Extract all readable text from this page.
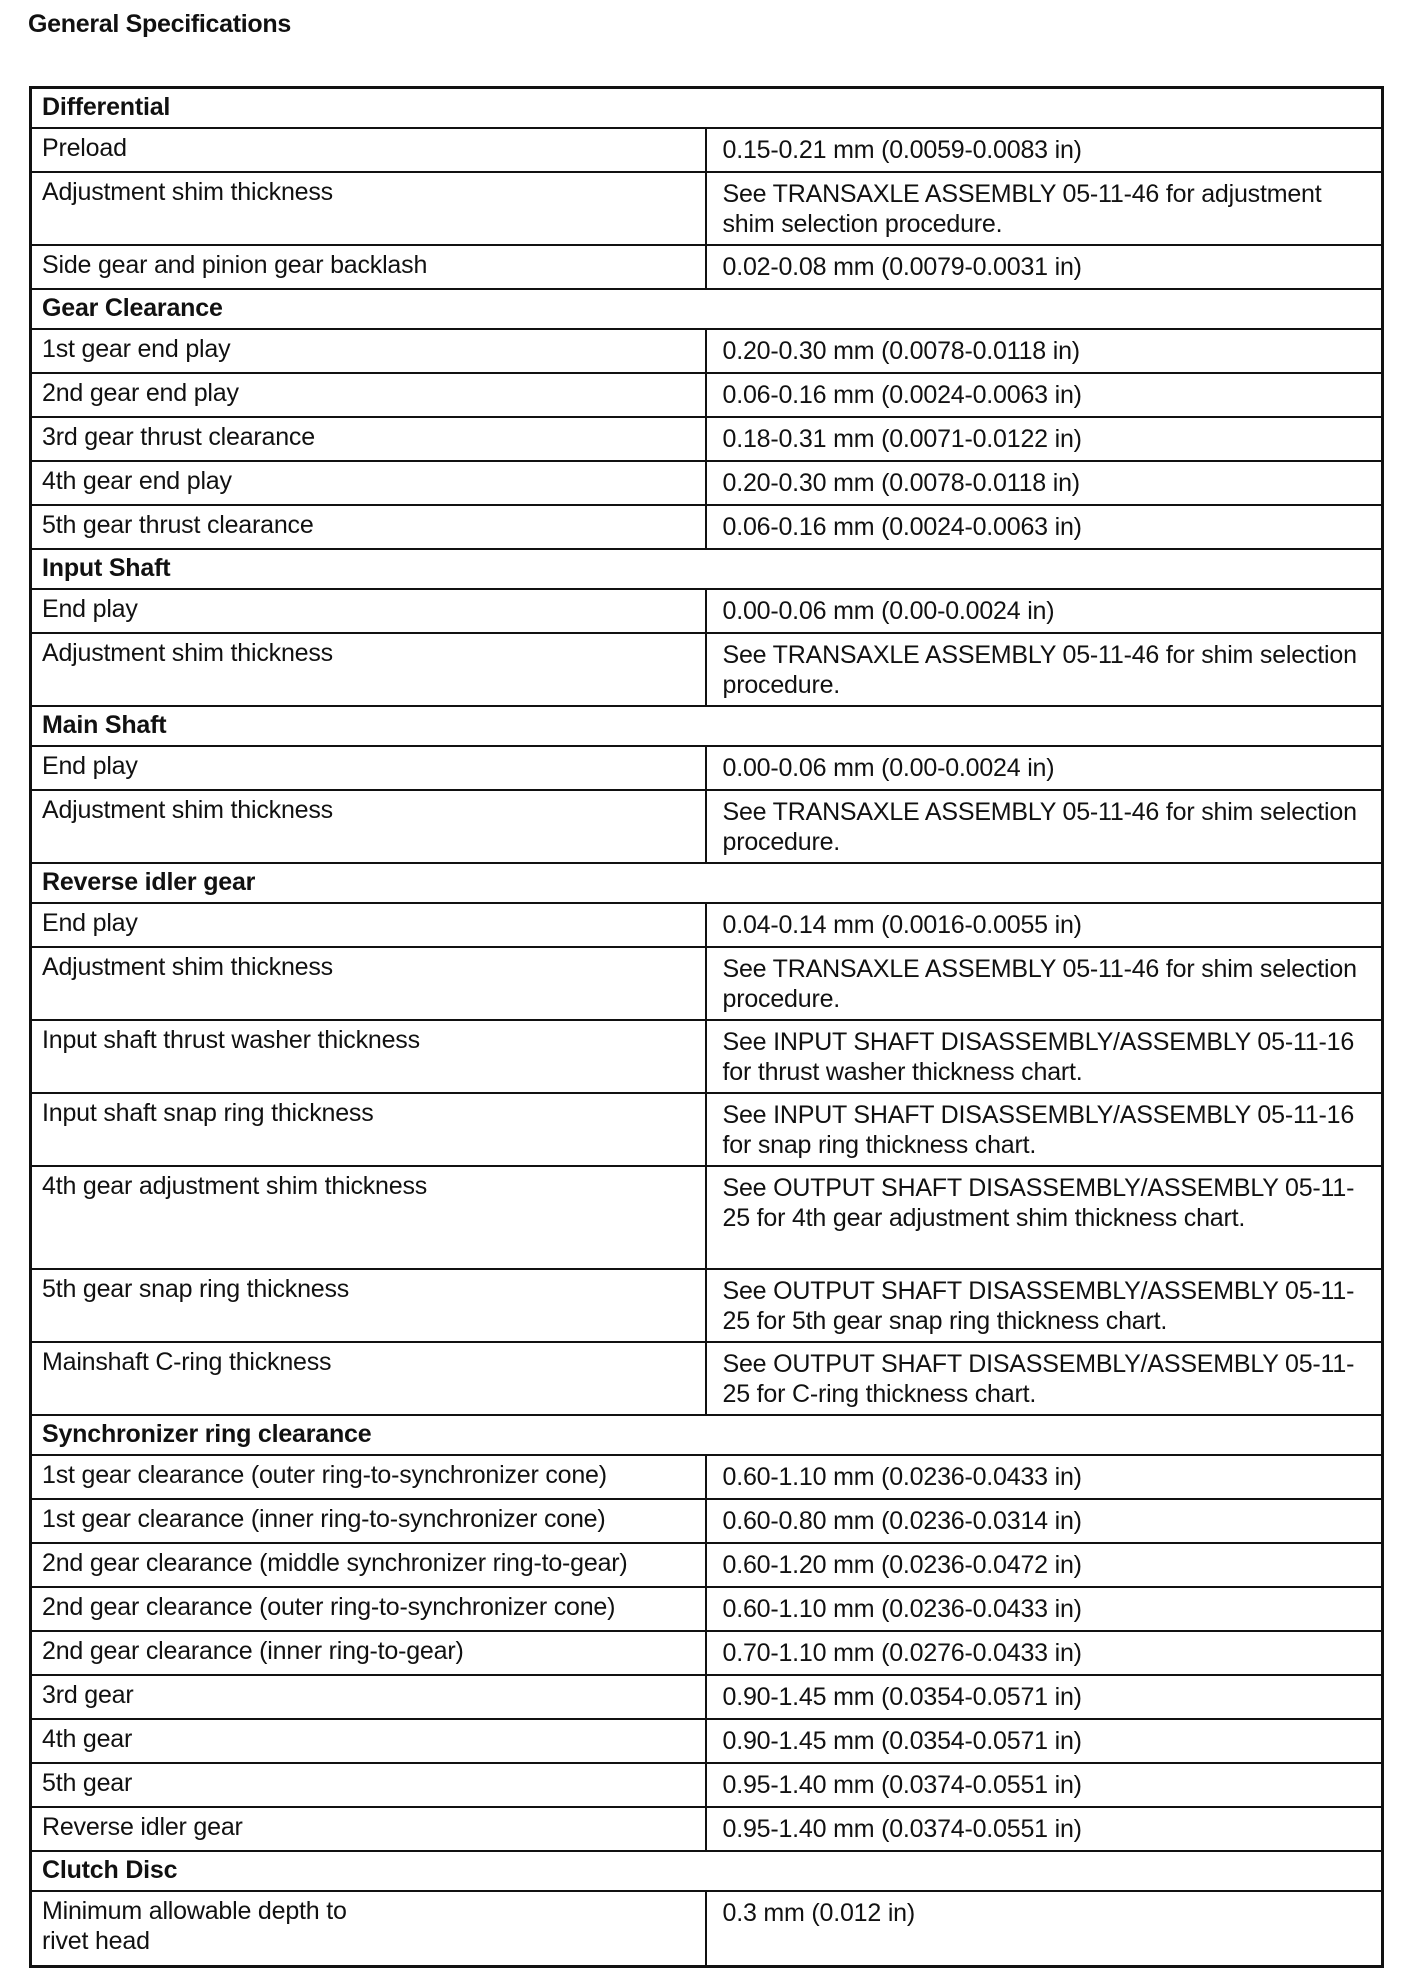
General Specifications
Differential	
Preload	0.15-0.21 mm (0.0059-0.0083 in)
Adjustment shim thickness	See TRANSAXLE ASSEMBLY 05-11-46 for adjustment shim selection procedure.
Side gear and pinion gear backlash	0.02-0.08 mm (0.0079-0.0031 in)
Gear Clearance	
1st gear end play	0.20-0.30 mm (0.0078-0.0118 in)
2nd gear end play	0.06-0.16 mm (0.0024-0.0063 in)
3rd gear thrust clearance	0.18-0.31 mm (0.0071-0.0122 in)
4th gear end play	0.20-0.30 mm (0.0078-0.0118 in)
5th gear thrust clearance	0.06-0.16 mm (0.0024-0.0063 in)
Input Shaft	
End play	0.00-0.06 mm (0.00-0.0024 in)
Adjustment shim thickness	See TRANSAXLE ASSEMBLY 05-11-46 for shim selection procedure.
Main Shaft	
End play	0.00-0.06 mm (0.00-0.0024 in)
Adjustment shim thickness	See TRANSAXLE ASSEMBLY 05-11-46 for shim selection procedure.
Reverse idler gear	
End play	0.04-0.14 mm (0.0016-0.0055 in)
Adjustment shim thickness	See TRANSAXLE ASSEMBLY 05-11-46 for shim selection procedure.
Input shaft thrust washer thickness	See INPUT SHAFT DISASSEMBLY/ASSEMBLY 05-11-16 for thrust washer thickness chart.
Input shaft snap ring thickness	See INPUT SHAFT DISASSEMBLY/ASSEMBLY 05-11-16 for snap ring thickness chart.
4th gear adjustment shim thickness	See OUTPUT SHAFT DISASSEMBLY/ASSEMBLY 05-11-25 for 4th gear adjustment shim thickness chart.
5th gear snap ring thickness	See OUTPUT SHAFT DISASSEMBLY/ASSEMBLY 05-11-25 for 5th gear snap ring thickness chart.
Mainshaft C-ring thickness	See OUTPUT SHAFT DISASSEMBLY/ASSEMBLY 05-11-25 for C-ring thickness chart.
Synchronizer ring clearance	
1st gear clearance (outer ring-to-synchronizer cone)	0.60-1.10 mm (0.0236-0.0433 in)
1st gear clearance (inner ring-to-synchronizer cone)	0.60-0.80 mm (0.0236-0.0314 in)
2nd gear clearance (middle synchronizer ring-to-gear)	0.60-1.20 mm (0.0236-0.0472 in)
2nd gear clearance (outer ring-to-synchronizer cone)	0.60-1.10 mm (0.0236-0.0433 in)
2nd gear clearance (inner ring-to-gear)	0.70-1.10 mm (0.0276-0.0433 in)
3rd gear	0.90-1.45 mm (0.0354-0.0571 in)
4th gear	0.90-1.45 mm (0.0354-0.0571 in)
5th gear	0.95-1.40 mm (0.0374-0.0551 in)
Reverse idler gear	0.95-1.40 mm (0.0374-0.0551 in)
Clutch Disc	
Minimum allowable depth to rivet head	0.3 mm (0.012 in)
